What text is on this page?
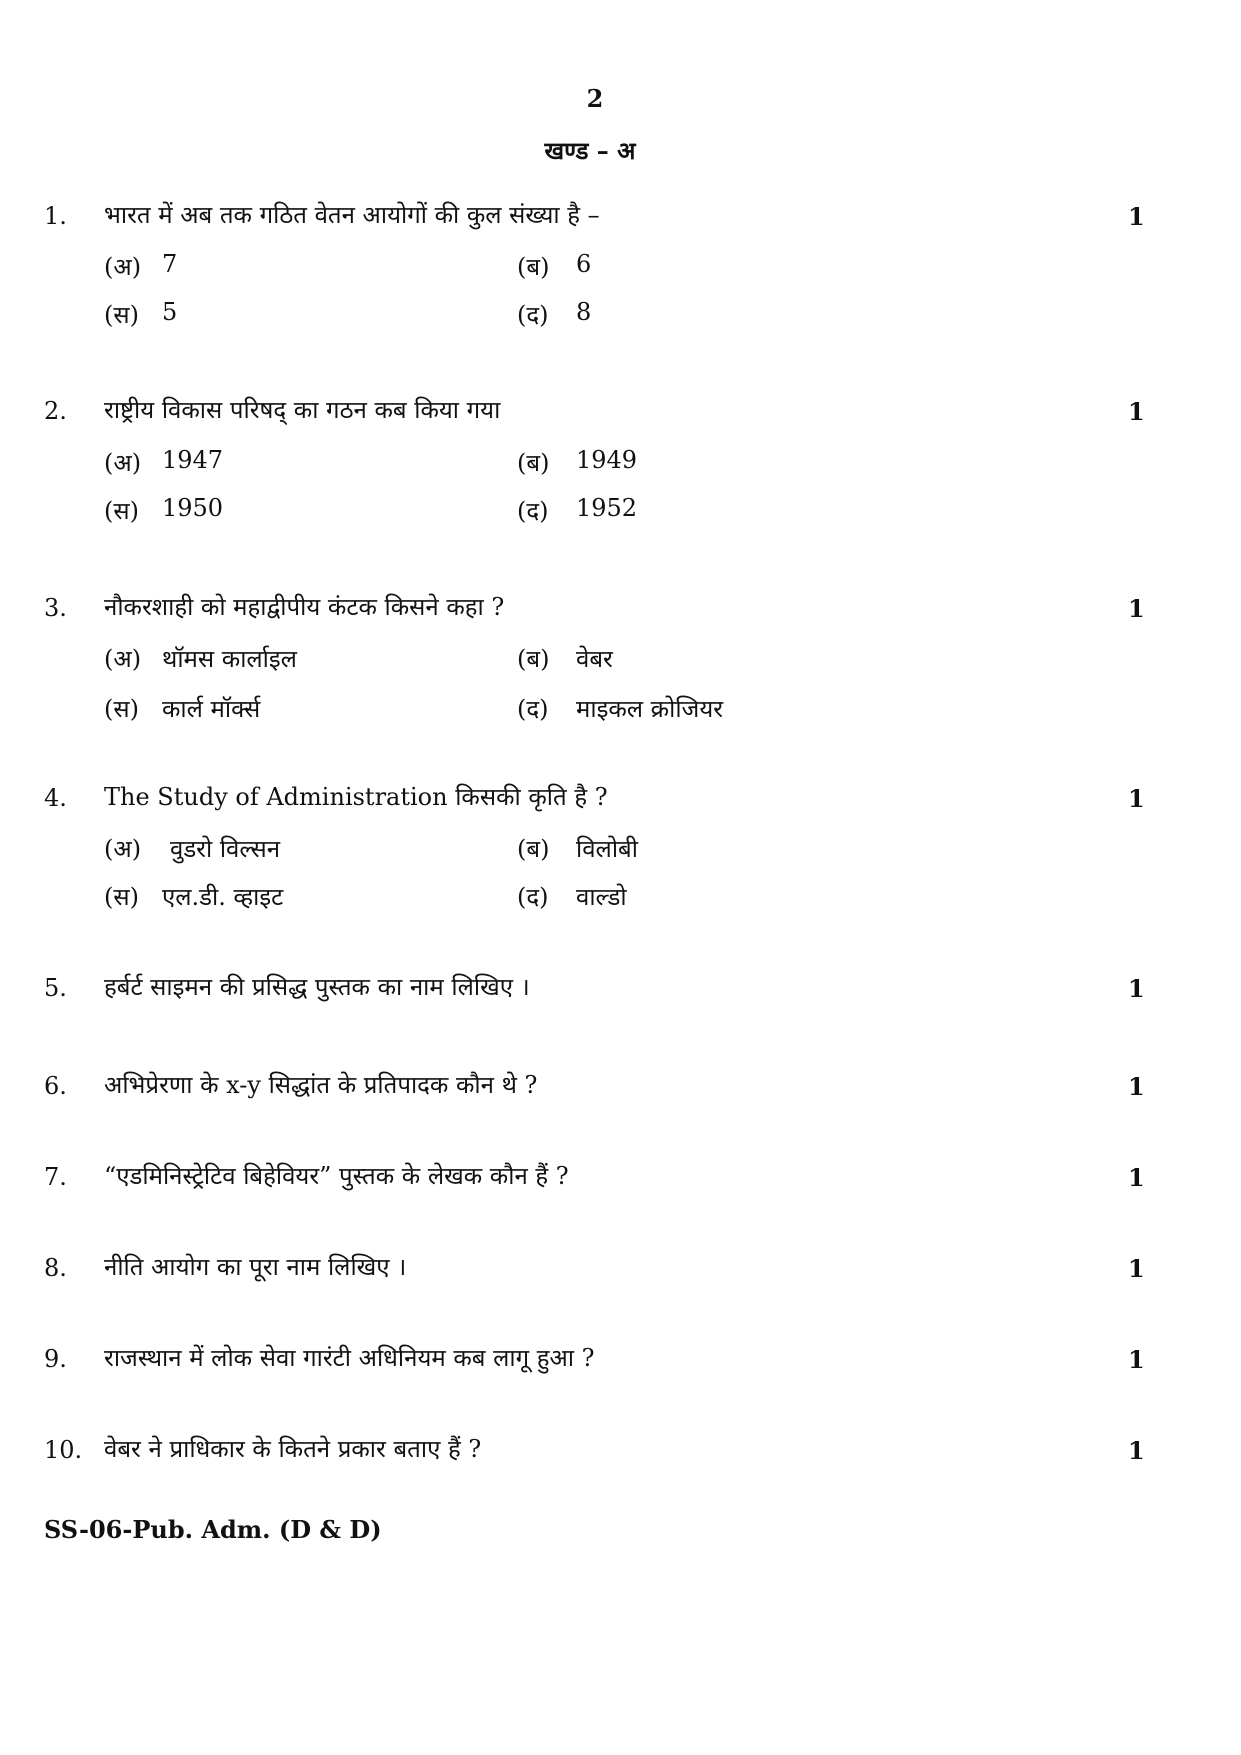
2
खण्ड – अ
1. भारत में अब तक गठित वेतन आयोगों की कुल संख्या है –	1
(अ) 7	(ब) 6
(स) 5	(द) 8
2. राष्ट्रीय विकास परिषद् का गठन कब किया गया	1
(अ) 1947	(ब) 1949
(स) 1950	(द) 1952
3. नौकरशाही को महाद्वीपीय कंटक किसने कहा ?	1
(अ) थॉमस कार्लाइल	(ब) वेबर
(स) कार्ल मॉर्क्स	(द) माइकल क्रोजियर
4. The Study of Administration किसकी कृति है ?	1
(अ) वुडरो विल्सन	(ब) विलोबी
(स) एल.डी. व्हाइट	(द) वाल्डो
5. हर्बर्ट साइमन की प्रसिद्ध पुस्तक का नाम लिखिए ।	1
6. अभिप्रेरणा के x-y सिद्धांत के प्रतिपादक कौन थे ?	1
7. “एडमिनिस्ट्रेटिव बिहेवियर” पुस्तक के लेखक कौन हैं ?	1
8. नीति आयोग का पूरा नाम लिखिए ।	1
9. राजस्थान में लोक सेवा गारंटी अधिनियम कब लागू हुआ ?	1
10. वेबर ने प्राधिकार के कितने प्रकार बताए हैं ?	1
SS-06-Pub. Adm. (D & D)
